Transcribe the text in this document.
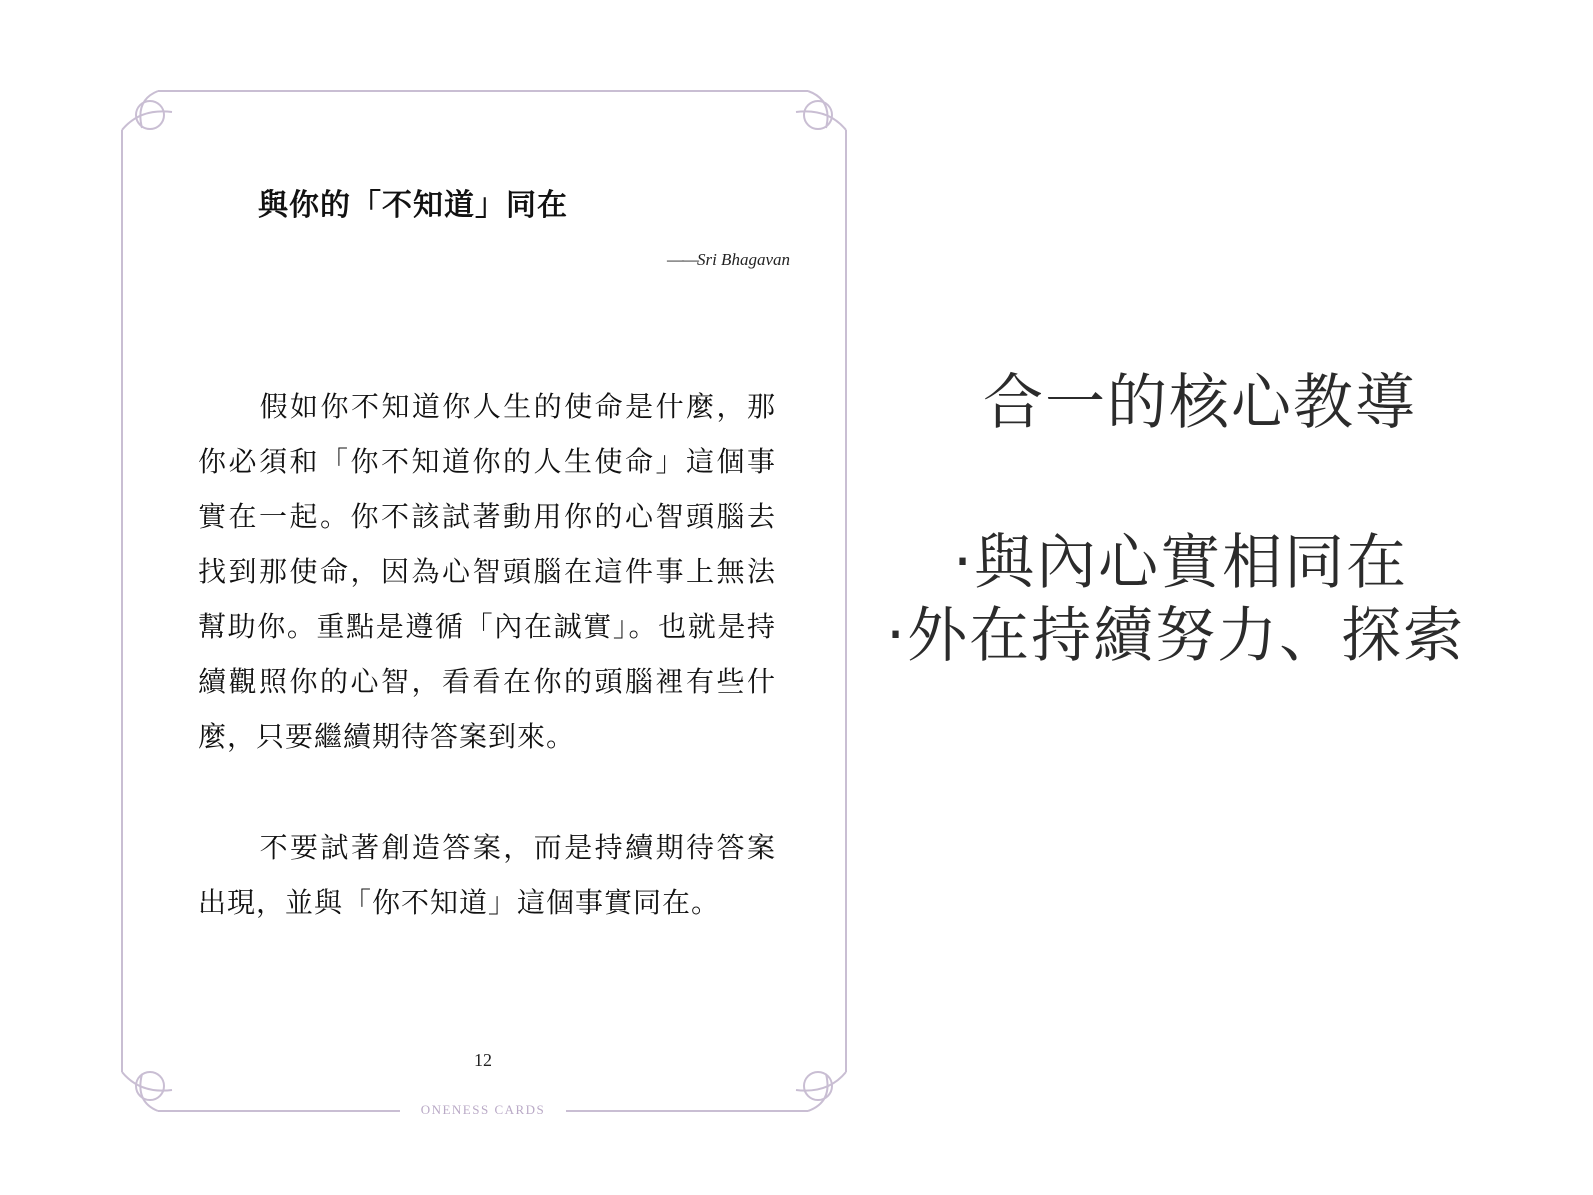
與你的「不知道」同在
——Sri Bhagavan

假如你不知道你人生的使命是什麼，那你必須和「你不知道你的人生使命」這個事實在一起。你不該試著動用你的心智頭腦去找到那使命，因為心智頭腦在這件事上無法幫助你。重點是遵循「內在誠實」。也就是持續觀照你的心智，看看在你的頭腦裡有些什麼，只要繼續期待答案到來。

不要試著創造答案，而是持續期待答案出現，並與「你不知道」這個事實同在。

12
ONENESS CARDS
合一的核心教導
‧與內心實相同在
‧外在持續努力、探索
